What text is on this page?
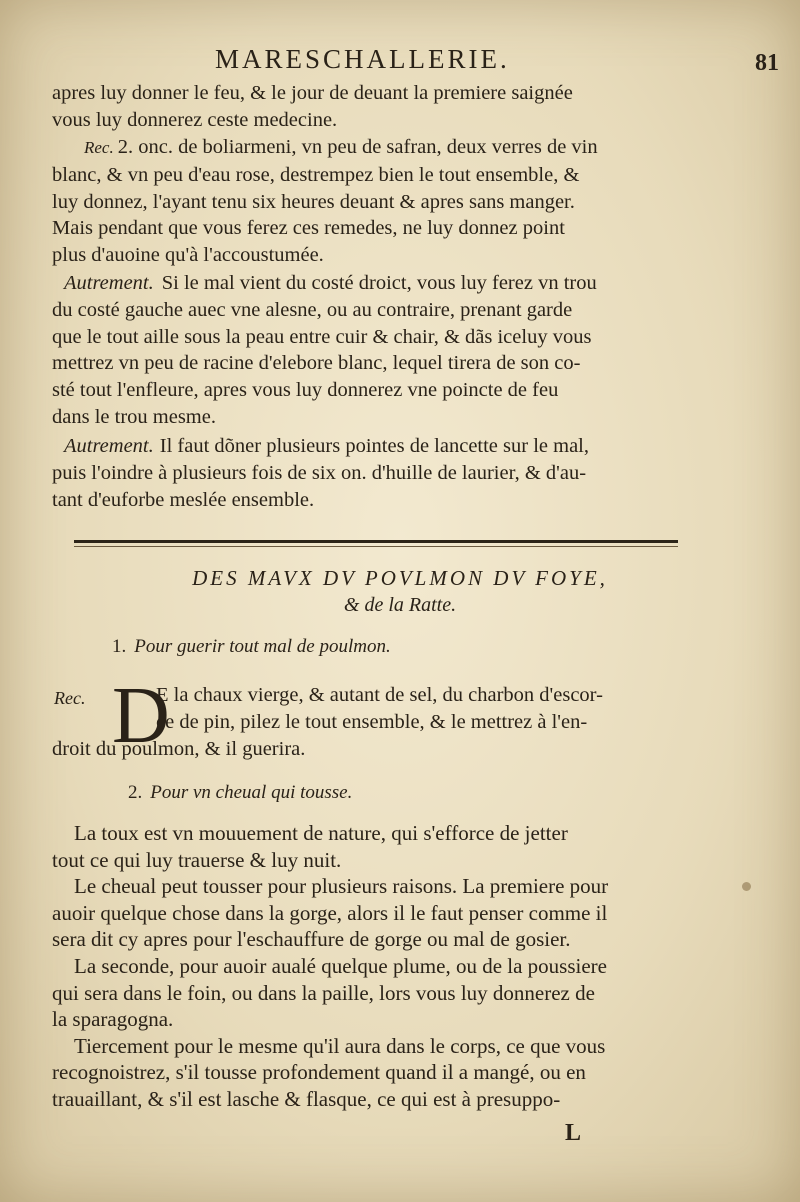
MARESCHALLERIE.	81

apres luy donner le feu, & le jour de deuant la premiere saignée

vous luy donnerez ceste medecine.

Rec. 2. onc. de boliarmeni, vn peu de safran, deux verres de vin

blanc, & vn peu d'eau rose, destrempez bien le tout ensemble, &

luy donnez, l'ayant tenu six heures deuant & apres sans manger.

Mais pendant que vous ferez ces remedes, ne luy donnez point

plus d'auoine qu'à l'accoustumée.

Autrement. Si le mal vient du costé droict, vous luy ferez vn trou

du costé gauche auec vne alesne, ou au contraire, prenant garde

que le tout aille sous la peau entre cuir & chair, & dãs iceluy vous

mettrez vn peu de racine d'elebore blanc, lequel tirera de son co-

sté tout l'enfleure, apres vous luy donnerez vne poincte de feu

dans le trou mesme.

Autrement. Il faut dõner plusieurs pointes de lancette sur le mal,

puis l'oindre à plusieurs fois de six on. d'huille de laurier, & d'au-

tant d'euforbe meslée ensemble.

DES MAVX DV POVLMON DV FOYE,
& de la Ratte.
1. Pour guerir tout mal de poulmon.
Rec. D

E la chaux vierge, & autant de sel, du charbon d'escor-

ce de pin, pilez le tout ensemble, & le mettrez à l'en-

droit du poulmon, & il guerira.

2. Pour vn cheual qui tousse.

La toux est vn mouuement de nature, qui s'efforce de jetter

tout ce qui luy trauerse & luy nuit.

Le cheual peut tousser pour plusieurs raisons. La premiere pour

auoir quelque chose dans la gorge, alors il le faut penser comme il

sera dit cy apres pour l'eschauffure de gorge ou mal de gosier.

La seconde, pour auoir aualé quelque plume, ou de la poussiere

qui sera dans le foin, ou dans la paille, lors vous luy donnerez de

la sparagogna.

Tiercement pour le mesme qu'il aura dans le corps, ce que vous

recognoistrez, s'il tousse profondement quand il a mangé, ou en

trauaillant, & s'il est lasche & flasque, ce qui est à presuppo-

L
